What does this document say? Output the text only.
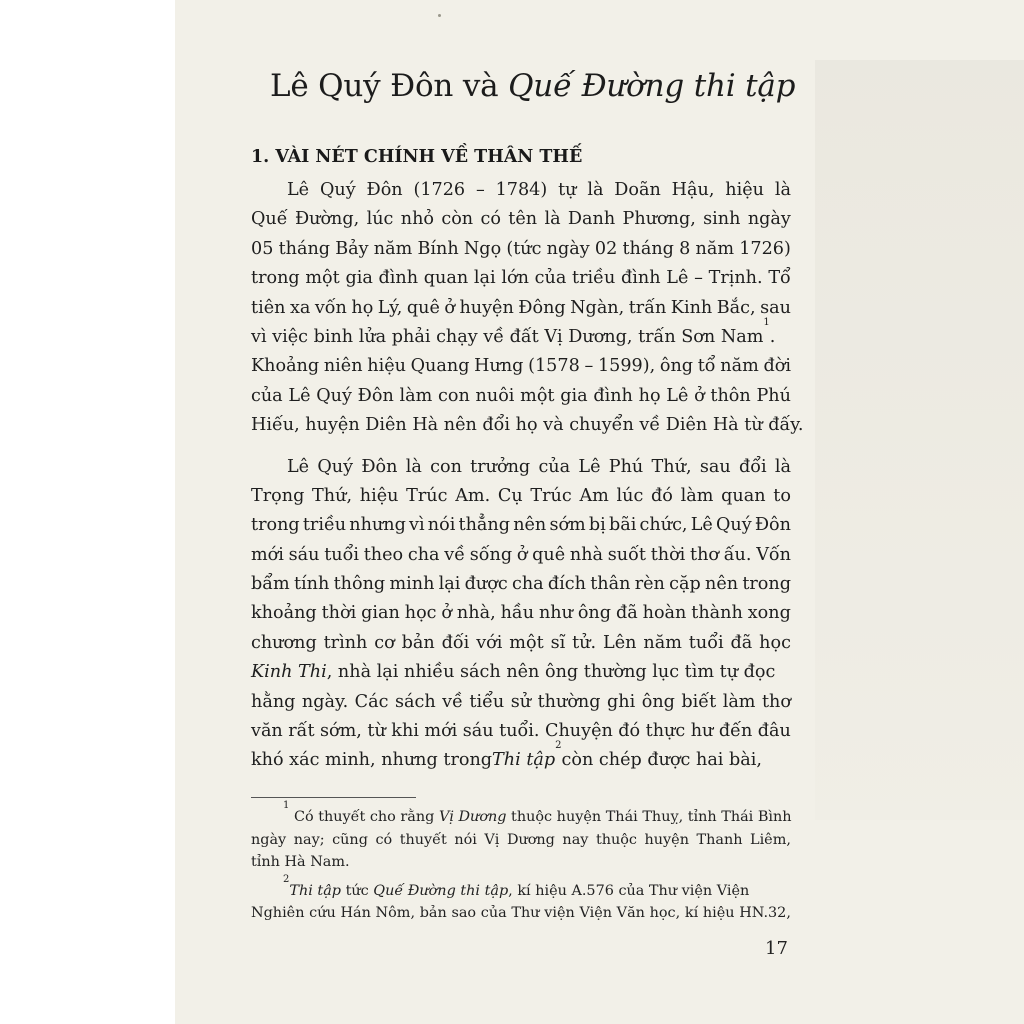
Lê Quý Đôn và Quế Đường thi tập
1. VÀI NÉT CHÍNH VỀ THÂN THẾ
Lê Quý Đôn (1726 – 1784) tự là Doãn Hậu, hiệu là
Quế Đường, lúc nhỏ còn có tên là Danh Phương, sinh ngày
05 tháng Bảy năm Bính Ngọ (tức ngày 02 tháng 8 năm 1726)
trong một gia đình quan lại lớn của triều đình Lê – Trịnh. Tổ
tiên xa vốn họ Lý, quê ở huyện Đông Ngàn, trấn Kinh Bắc, sau
vì việc binh lửa phải chạy về đất Vị Dương, trấn Sơn Nam
1
.
Khoảng niên hiệu Quang Hưng (1578 – 1599), ông tổ năm đời
của Lê Quý Đôn làm con nuôi một gia đình họ Lê ở thôn Phú
Hiếu, huyện Diên Hà nên đổi họ và chuyển về Diên Hà từ đấy.
Lê Quý Đôn là con trưởng của Lê Phú Thứ, sau đổi là
Trọng Thứ, hiệu Trúc Am. Cụ Trúc Am lúc đó làm quan to
trong triều nhưng vì nói thẳng nên sớm bị bãi chức, Lê Quý Đôn
mới sáu tuổi theo cha về sống ở quê nhà suốt thời thơ ấu. Vốn
bẩm tính thông minh lại được cha đích thân rèn cặp nên trong
khoảng thời gian học ở nhà, hầu như ông đã hoàn thành xong
chương trình cơ bản đối với một sĩ tử. Lên năm tuổi đã học
Kinh Thi , nhà lại nhiều sách nên ông thường lục tìm tự đọc
hằng ngày. Các sách về tiểu sử thường ghi ông biết làm thơ
văn rất sớm, từ khi mới sáu tuổi. Chuyện đó thực hư đến đâu
khó xác minh, nhưng trong Thi tập
2
còn chép được hai bài,
1
Có thuyết cho rằng Vị Dương thuộc huyện Thái Thuỵ, tỉnh Thái Bình
ngày nay; cũng có thuyết nói Vị Dương nay thuộc huyện Thanh Liêm,
tỉnh Hà Nam.
2
Thi tập tức Quế Đường thi tập , kí hiệu A.576 của Thư viện Viện
Nghiên cứu Hán Nôm, bản sao của Thư viện Viện Văn học, kí hiệu HN.32,
17
